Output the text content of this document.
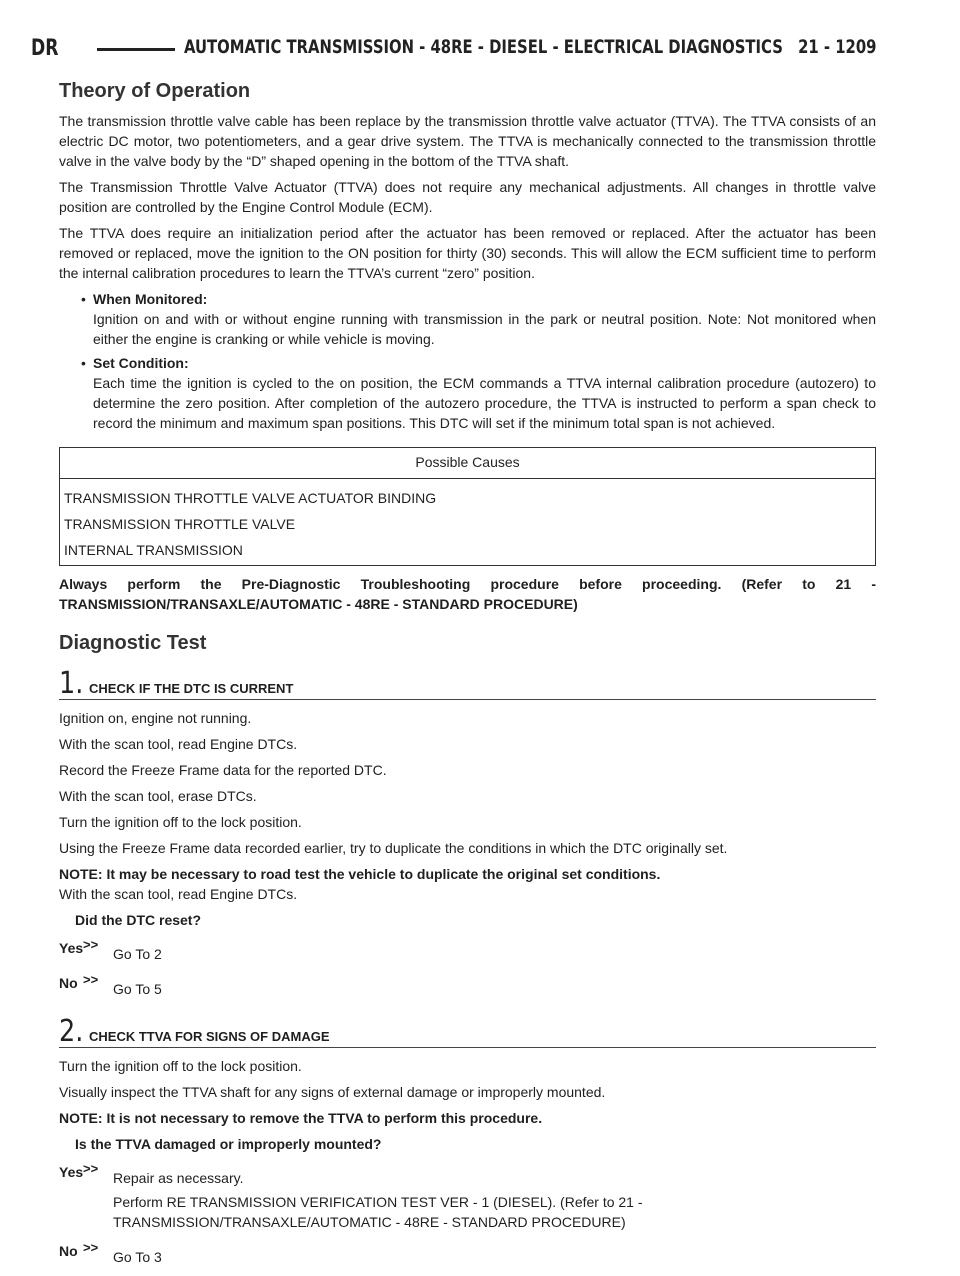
DR	AUTOMATIC TRANSMISSION - 48RE - DIESEL - ELECTRICAL DIAGNOSTICS 21 - 1209
Theory of Operation

The transmission throttle valve cable has been replace by the transmission throttle valve actuator (TTVA). The TTVA consists of an electric DC motor, two potentiometers, and a gear drive system. The TTVA is mechanically connected to the transmission throttle valve in the valve body by the “D” shaped opening in the bottom of the TTVA shaft.

The Transmission Throttle Valve Actuator (TTVA) does not require any mechanical adjustments. All changes in throttle valve position are controlled by the Engine Control Module (ECM).

The TTVA does require an initialization period after the actuator has been removed or replaced. After the actuator has been removed or replaced, move the ignition to the ON position for thirty (30) seconds. This will allow the ECM sufficient time to perform the internal calibration procedures to learn the TTVA’s current “zero” position.

• When Monitored:
Ignition on and with or without engine running with transmission in the park or neutral position. Note: Not monitored when either the engine is cranking or while vehicle is moving.
• Set Condition:
Each time the ignition is cycled to the on position, the ECM commands a TTVA internal calibration procedure (autozero) to determine the zero position. After completion of the autozero procedure, the TTVA is instructed to perform a span check to record the minimum and maximum span positions. This DTC will set if the minimum total span is not achieved.
Possible Causes
TRANSMISSION THROTTLE VALVE ACTUATOR BINDING
TRANSMISSION THROTTLE VALVE
INTERNAL TRANSMISSION

Always perform the Pre-Diagnostic Troubleshooting procedure before proceeding. (Refer to 21 - TRANSMISSION/TRANSAXLE/AUTOMATIC - 48RE - STANDARD PROCEDURE)

Diagnostic Test
1. CHECK IF THE DTC IS CURRENT

Ignition on, engine not running.

With the scan tool, read Engine DTCs.

Record the Freeze Frame data for the reported DTC.

With the scan tool, erase DTCs.

Turn the ignition off to the lock position.

Using the Freeze Frame data recorded earlier, try to duplicate the conditions in which the DTC originally set.

NOTE: It may be necessary to road test the vehicle to duplicate the original set conditions.

With the scan tool, read Engine DTCs.

Did the DTC reset?
Yes >>
Go To 2
No >>
Go To 5
2. CHECK TTVA FOR SIGNS OF DAMAGE

Turn the ignition off to the lock position.

Visually inspect the TTVA shaft for any signs of external damage or improperly mounted.

NOTE: It is not necessary to remove the TTVA to perform this procedure.

Is the TTVA damaged or improperly mounted?
Yes >>
Repair as necessary.
Perform RE TRANSMISSION VERIFICATION TEST VER - 1 (DIESEL). (Refer to 21 - TRANSMISSION/TRANSAXLE/AUTOMATIC - 48RE - STANDARD PROCEDURE)
No >>
Go To 3
